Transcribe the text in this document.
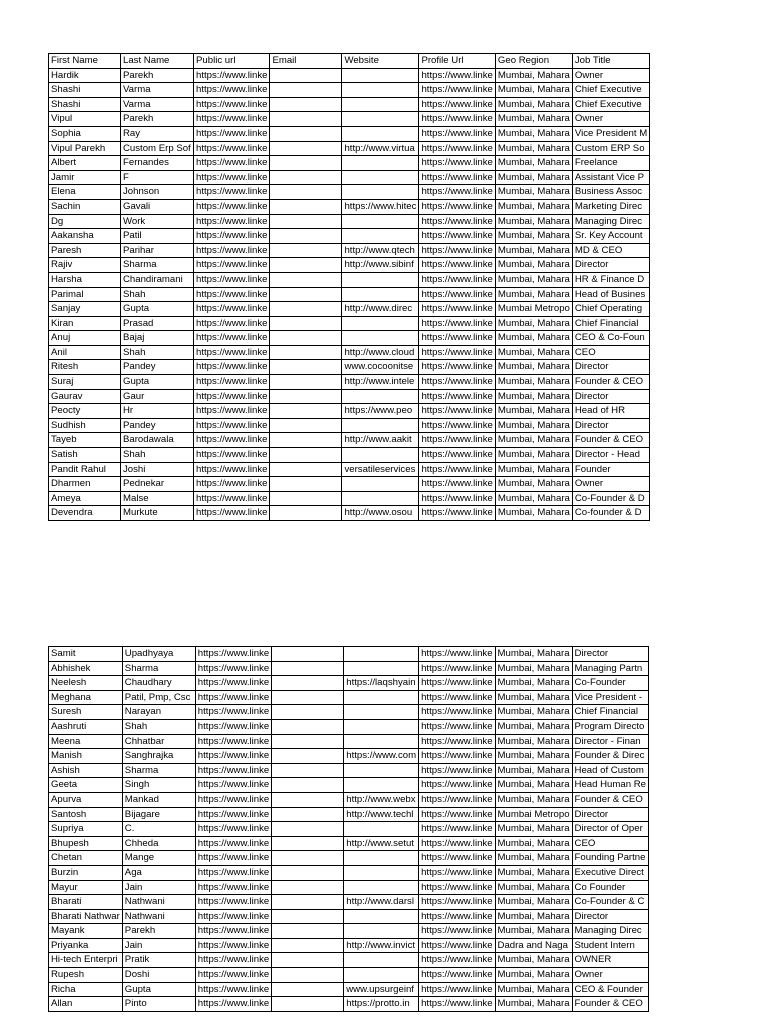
First Name	Last Name	Public url	Email	Website	Profile Url	Geo Region	Job Title
Hardik	Parekh	https://www.linke			https://www.linke	Mumbai, Mahara	Owner
Shashi	Varma	https://www.linke			https://www.linke	Mumbai, Mahara	Chief Executive
Shashi	Varma	https://www.linke			https://www.linke	Mumbai, Mahara	Chief Executive
Vipul	Parekh	https://www.linke			https://www.linke	Mumbai, Mahara	Owner
Sophia	Ray	https://www.linke			https://www.linke	Mumbai, Mahara	Vice President M
Vipul Parekh	Custom Erp Sof	https://www.linke		http://www.virtua	https://www.linke	Mumbai, Mahara	Custom ERP So
Albert	Fernandes	https://www.linke			https://www.linke	Mumbai, Mahara	Freelance
Jamir	F	https://www.linke			https://www.linke	Mumbai, Mahara	Assistant Vice P
Elena	Johnson	https://www.linke			https://www.linke	Mumbai, Mahara	Business Assoc
Sachin	Gavali	https://www.linke		https://www.hitec	https://www.linke	Mumbai, Mahara	Marketing Direc
Dg	Work	https://www.linke			https://www.linke	Mumbai, Mahara	Managing Direc
Aakansha	Patil	https://www.linke			https://www.linke	Mumbai, Mahara	Sr. Key Account
Paresh	Parihar	https://www.linke		http://www.qtech	https://www.linke	Mumbai, Mahara	MD & CEO
Rajiv	Sharma	https://www.linke		http://www.sibinf	https://www.linke	Mumbai, Mahara	Director
Harsha	Chandiramani	https://www.linke			https://www.linke	Mumbai, Mahara	HR & Finance D
Parimal	Shah	https://www.linke			https://www.linke	Mumbai, Mahara	Head of Busines
Sanjay	Gupta	https://www.linke		http://www.direc	https://www.linke	Mumbai Metropo	Chief Operating
Kiran	Prasad	https://www.linke			https://www.linke	Mumbai, Mahara	Chief Financial
Anuj	Bajaj	https://www.linke			https://www.linke	Mumbai, Mahara	CEO & Co-Foun
Anil	Shah	https://www.linke		http://www.cloud	https://www.linke	Mumbai, Mahara	CEO
Ritesh	Pandey	https://www.linke		www.cocoonitse	https://www.linke	Mumbai, Mahara	Director
Suraj	Gupta	https://www.linke		http://www.intele	https://www.linke	Mumbai, Mahara	Founder & CEO
Gaurav	Gaur	https://www.linke			https://www.linke	Mumbai, Mahara	Director
Peocty	Hr	https://www.linke		https://www.peo	https://www.linke	Mumbai, Mahara	Head of HR
Sudhish	Pandey	https://www.linke			https://www.linke	Mumbai, Mahara	Director
Tayeb	Barodawala	https://www.linke		http://www.aakit	https://www.linke	Mumbai, Mahara	Founder & CEO
Satish	Shah	https://www.linke			https://www.linke	Mumbai, Mahara	Director - Head
Pandit Rahul	Joshi	https://www.linke		versatileservices	https://www.linke	Mumbai, Mahara	Founder
Dharmen	Pednekar	https://www.linke			https://www.linke	Mumbai, Mahara	Owner
Ameya	Malse	https://www.linke			https://www.linke	Mumbai, Mahara	Co-Founder & D
Devendra	Murkute	https://www.linke		http://www.osou	https://www.linke	Mumbai, Mahara	Co-founder & D
Samit	Upadhyaya	https://www.linke			https://www.linke	Mumbai, Mahara	Director
Abhishek	Sharma	https://www.linke			https://www.linke	Mumbai, Mahara	Managing Partn
Neelesh	Chaudhary	https://www.linke		https://laqshyain	https://www.linke	Mumbai, Mahara	Co-Founder
Meghana	Patil, Pmp, Csc	https://www.linke			https://www.linke	Mumbai, Mahara	Vice President -
Suresh	Narayan	https://www.linke			https://www.linke	Mumbai, Mahara	Chief Financial
Aashruti	Shah	https://www.linke			https://www.linke	Mumbai, Mahara	Program Directo
Meena	Chhatbar	https://www.linke			https://www.linke	Mumbai, Mahara	Director - Finan
Manish	Sanghrajka	https://www.linke		https://www.com	https://www.linke	Mumbai, Mahara	Founder & Direc
Ashish	Sharma	https://www.linke			https://www.linke	Mumbai, Mahara	Head of Custom
Geeta	Singh	https://www.linke			https://www.linke	Mumbai, Mahara	Head Human Re
Apurva	Mankad	https://www.linke		http://www.webx	https://www.linke	Mumbai, Mahara	Founder & CEO
Santosh	Bijagare	https://www.linke		http://www.techl	https://www.linke	Mumbai Metropo	Director
Supriya	C.	https://www.linke			https://www.linke	Mumbai, Mahara	Director of Oper
Bhupesh	Chheda	https://www.linke		http://www.setut	https://www.linke	Mumbai, Mahara	CEO
Chetan	Mange	https://www.linke			https://www.linke	Mumbai, Mahara	Founding Partne
Burzin	Aga	https://www.linke			https://www.linke	Mumbai, Mahara	Executive Direct
Mayur	Jain	https://www.linke			https://www.linke	Mumbai, Mahara	Co Founder
Bharati	Nathwani	https://www.linke		http://www.darsl	https://www.linke	Mumbai, Mahara	Co-Founder & C
Bharati Nathwar	Nathwani	https://www.linke			https://www.linke	Mumbai, Mahara	Director
Mayank	Parekh	https://www.linke			https://www.linke	Mumbai, Mahara	Managing Direc
Priyanka	Jain	https://www.linke		http://www.invict	https://www.linke	Dadra and Naga	Student Intern
Hi-tech Enterpri	Pratik	https://www.linke			https://www.linke	Mumbai, Mahara	OWNER
Rupesh	Doshi	https://www.linke			https://www.linke	Mumbai, Mahara	Owner
Richa	Gupta	https://www.linke		www.upsurgeinf	https://www.linke	Mumbai, Mahara	CEO & Founder
Allan	Pinto	https://www.linke		https://protto.in	https://www.linke	Mumbai, Mahara	Founder & CEO
